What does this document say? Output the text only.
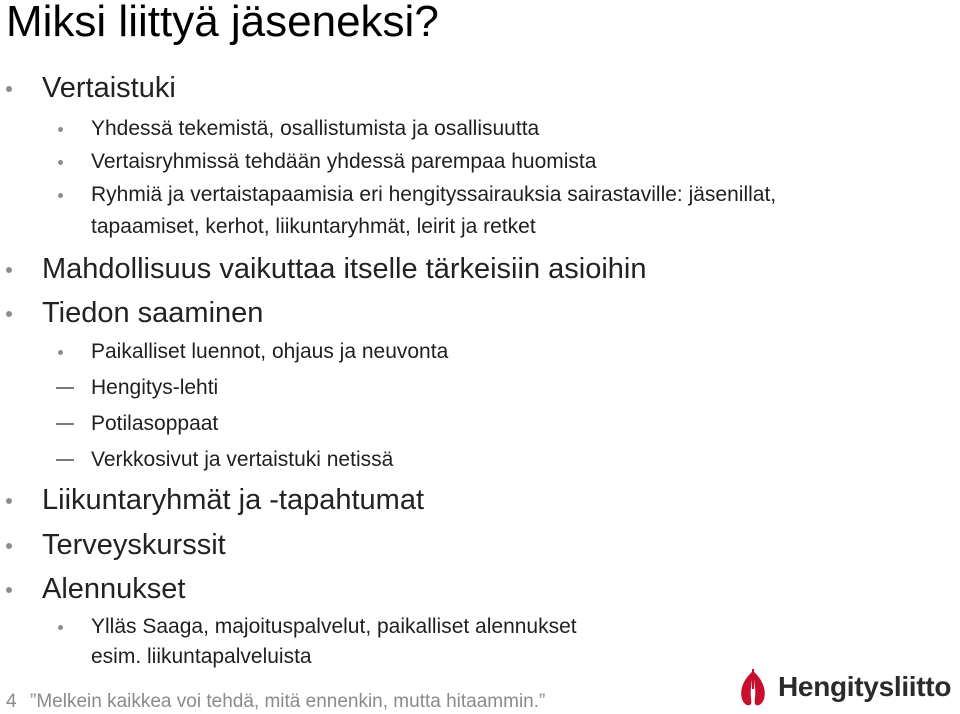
Miksi liittyä jäseneksi?
Vertaistuki
Yhdessä tekemistä, osallistumista ja osallisuutta
Vertaisryhmissä tehdään yhdessä parempaa huomista
Ryhmiä ja vertaistapaamisia eri hengityssairauksia sairastaville: jäsenillat,
tapaamiset, kerhot, liikuntaryhmät, leirit ja retket
Mahdollisuus vaikuttaa itselle tärkeisiin asioihin
Tiedon saaminen
Paikalliset luennot, ohjaus ja neuvonta
Hengitys-lehti
Potilasoppaat
Verkkosivut ja vertaistuki netissä
Liikuntaryhmät ja -tapahtumat
Terveyskurssit
Alennukset
Ylläs Saaga, majoituspalvelut, paikalliset alennukset
esim. liikuntapalveluista
4 ”Melkein kaikkea voi tehdä, mitä ennenkin, mutta hitaammin.”	Hengitysliitto
